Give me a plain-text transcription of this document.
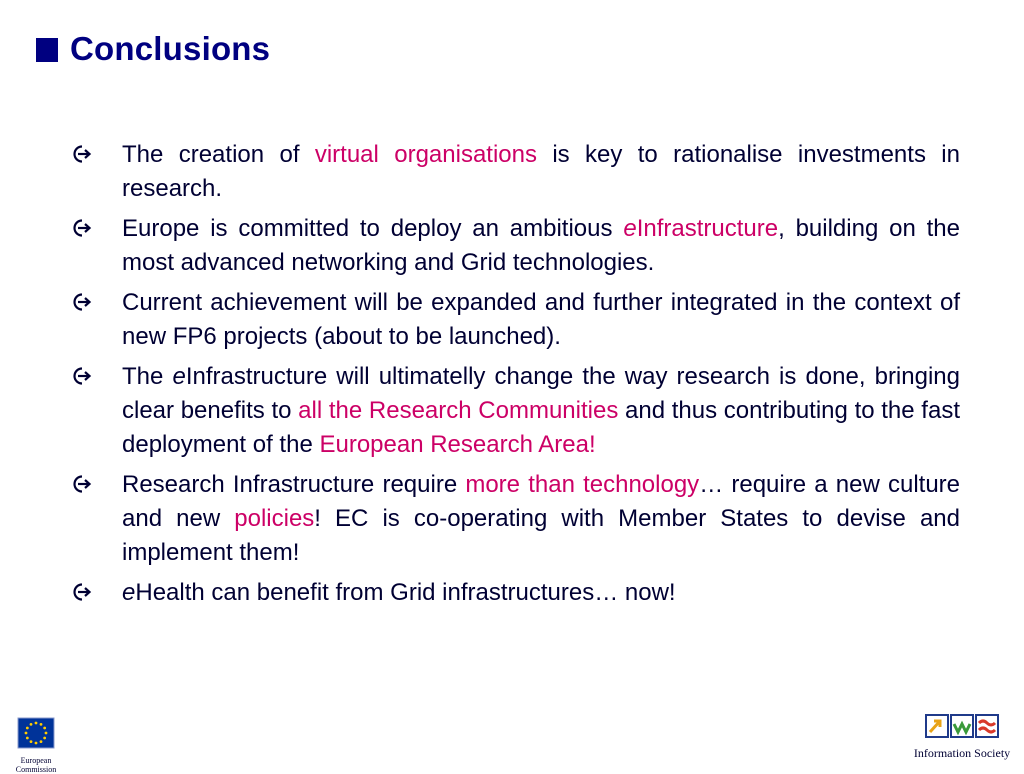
Conclusions
The creation of virtual organisations is key to rationalise investments in research.
Europe is committed to deploy an ambitious eInfrastructure, building on the most advanced networking and Grid technologies.
Current achievement will be expanded and further integrated in the context of new FP6 projects (about to be launched).
The eInfrastructure will ultimatelly change the way research is done, bringing clear benefits to all the Research Communities and thus contributing to the fast deployment of the European Research Area!
Research Infrastructure require more than technology… require a new culture and new policies! EC is co-operating with Member States to devise and implement them!
eHealth can benefit from Grid infrastructures… now!
European Commission
Information Society
